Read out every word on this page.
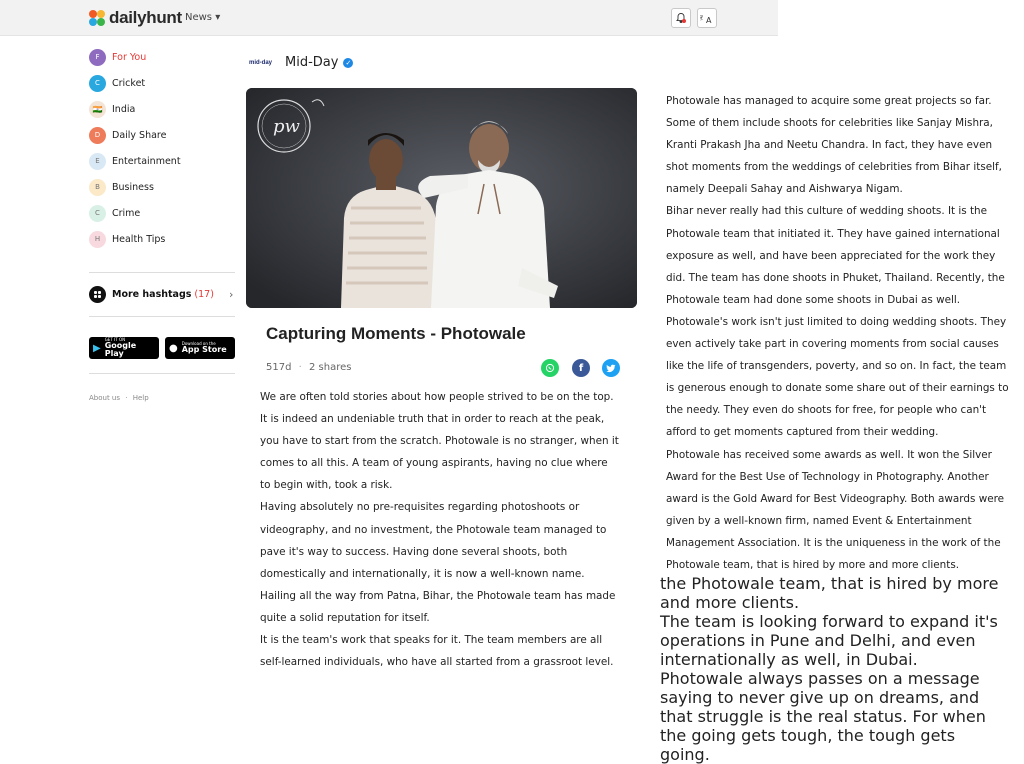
dailyhunt News ▾	ऱ A
F	For You
C	Cricket
🇮🇳	India
D	Daily Share
E	Entertainment
B	Business
C	Crime
H	Health Tips
More hashtags (17) ›
▶
GET IT ON
Google Play	● Download on the
App Store
About us · Help
mid-day Mid-Day ✓
pw
Capturing Moments - Photowale
517d · 2 shares	f

We are often told stories about how people strived to be on the top. It is indeed an undeniable truth that in order to reach at the peak, you have to start from the scratch. Photowale is no stranger, when it comes to all this. A team of young aspirants, having no clue where to begin with, took a risk.

Having absolutely no pre-requisites regarding photoshoots or videography, and no investment, the Photowale team managed to pave it's way to success. Having done several shoots, both domestically and internationally, it is now a well-known name. Hailing all the way from Patna, Bihar, the Photowale team has made quite a solid reputation for itself.

It is the team's work that speaks for it. The team members are all self-learned individuals, who have all started from a grassroot level.

Photowale has managed to acquire some great projects so far. Some of them include shoots for celebrities like Sanjay Mishra, Kranti Prakash Jha and Neetu Chandra. In fact, they have even shot moments from the weddings of celebrities from Bihar itself, namely Deepali Sahay and Aishwarya Nigam.

Bihar never really had this culture of wedding shoots. It is the Photowale team that initiated it. They have gained international exposure as well, and have been appreciated for the work they did. The team has done shoots in Phuket, Thailand. Recently, the Photowale team had done some shoots in Dubai as well.

Photowale's work isn't just limited to doing wedding shoots. They even actively take part in covering moments from social causes like the life of transgenders, poverty, and so on. In fact, the team is generous enough to donate some share out of their earnings to the needy. They even do shoots for free, for people who can't afford to get moments captured from their wedding.

Photowale has received some awards as well. It won the Silver Award for the Best Use of Technology in Photography. Another award is the Gold Award for Best Videography. Both awards were given by a well-known firm, named Event & Entertainment Management Association. It is the uniqueness in the work of the Photowale team, that is hired by more and more clients.

the Photowale team, that is hired by more and more clients.

The team is looking forward to expand it's operations in Pune and Delhi, and even internationally as well, in Dubai. Photowale always passes on a message saying to never give up on dreams, and that struggle is the real status. For when the going gets tough, the tough gets going.
